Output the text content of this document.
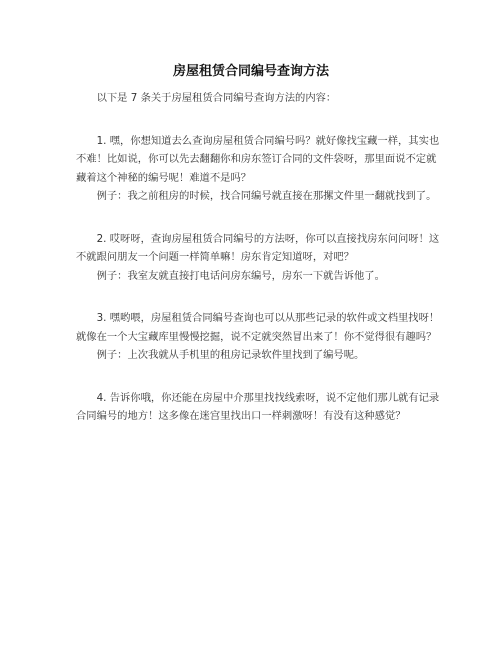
房屋租赁合同编号查询方法

以下是 7 条关于房屋租赁合同编号查询方法的内容：

1. 嘿，你想知道去么查询房屋租赁合同编号吗？就好像找宝藏一样，其实也不难！比如说，你可以先去翻翻你和房东签订合同的文件袋呀，那里面说不定就藏着这个神秘的编号呢！难道不是吗？

例子：我之前租房的时候，找合同编号就直接在那摞文件里一翻就找到了。

2. 哎呀呀，查询房屋租赁合同编号的方法呀，你可以直接找房东问问呀！这不就跟问朋友一个问题一样简单嘛！房东肯定知道呀，对吧？

例子：我室友就直接打电话问房东编号，房东一下就告诉他了。

3. 嘿哟喂，房屋租赁合同编号查询也可以从那些记录的软件或文档里找呀！就像在一个大宝藏库里慢慢挖掘，说不定就突然冒出来了！你不觉得很有趣吗？

例子：上次我就从手机里的租房记录软件里找到了编号呢。

4. 告诉你哦，你还能在房屋中介那里找找线索呀，说不定他们那儿就有记录合同编号的地方！这多像在迷宫里找出口一样刺激呀！有没有这种感觉？
